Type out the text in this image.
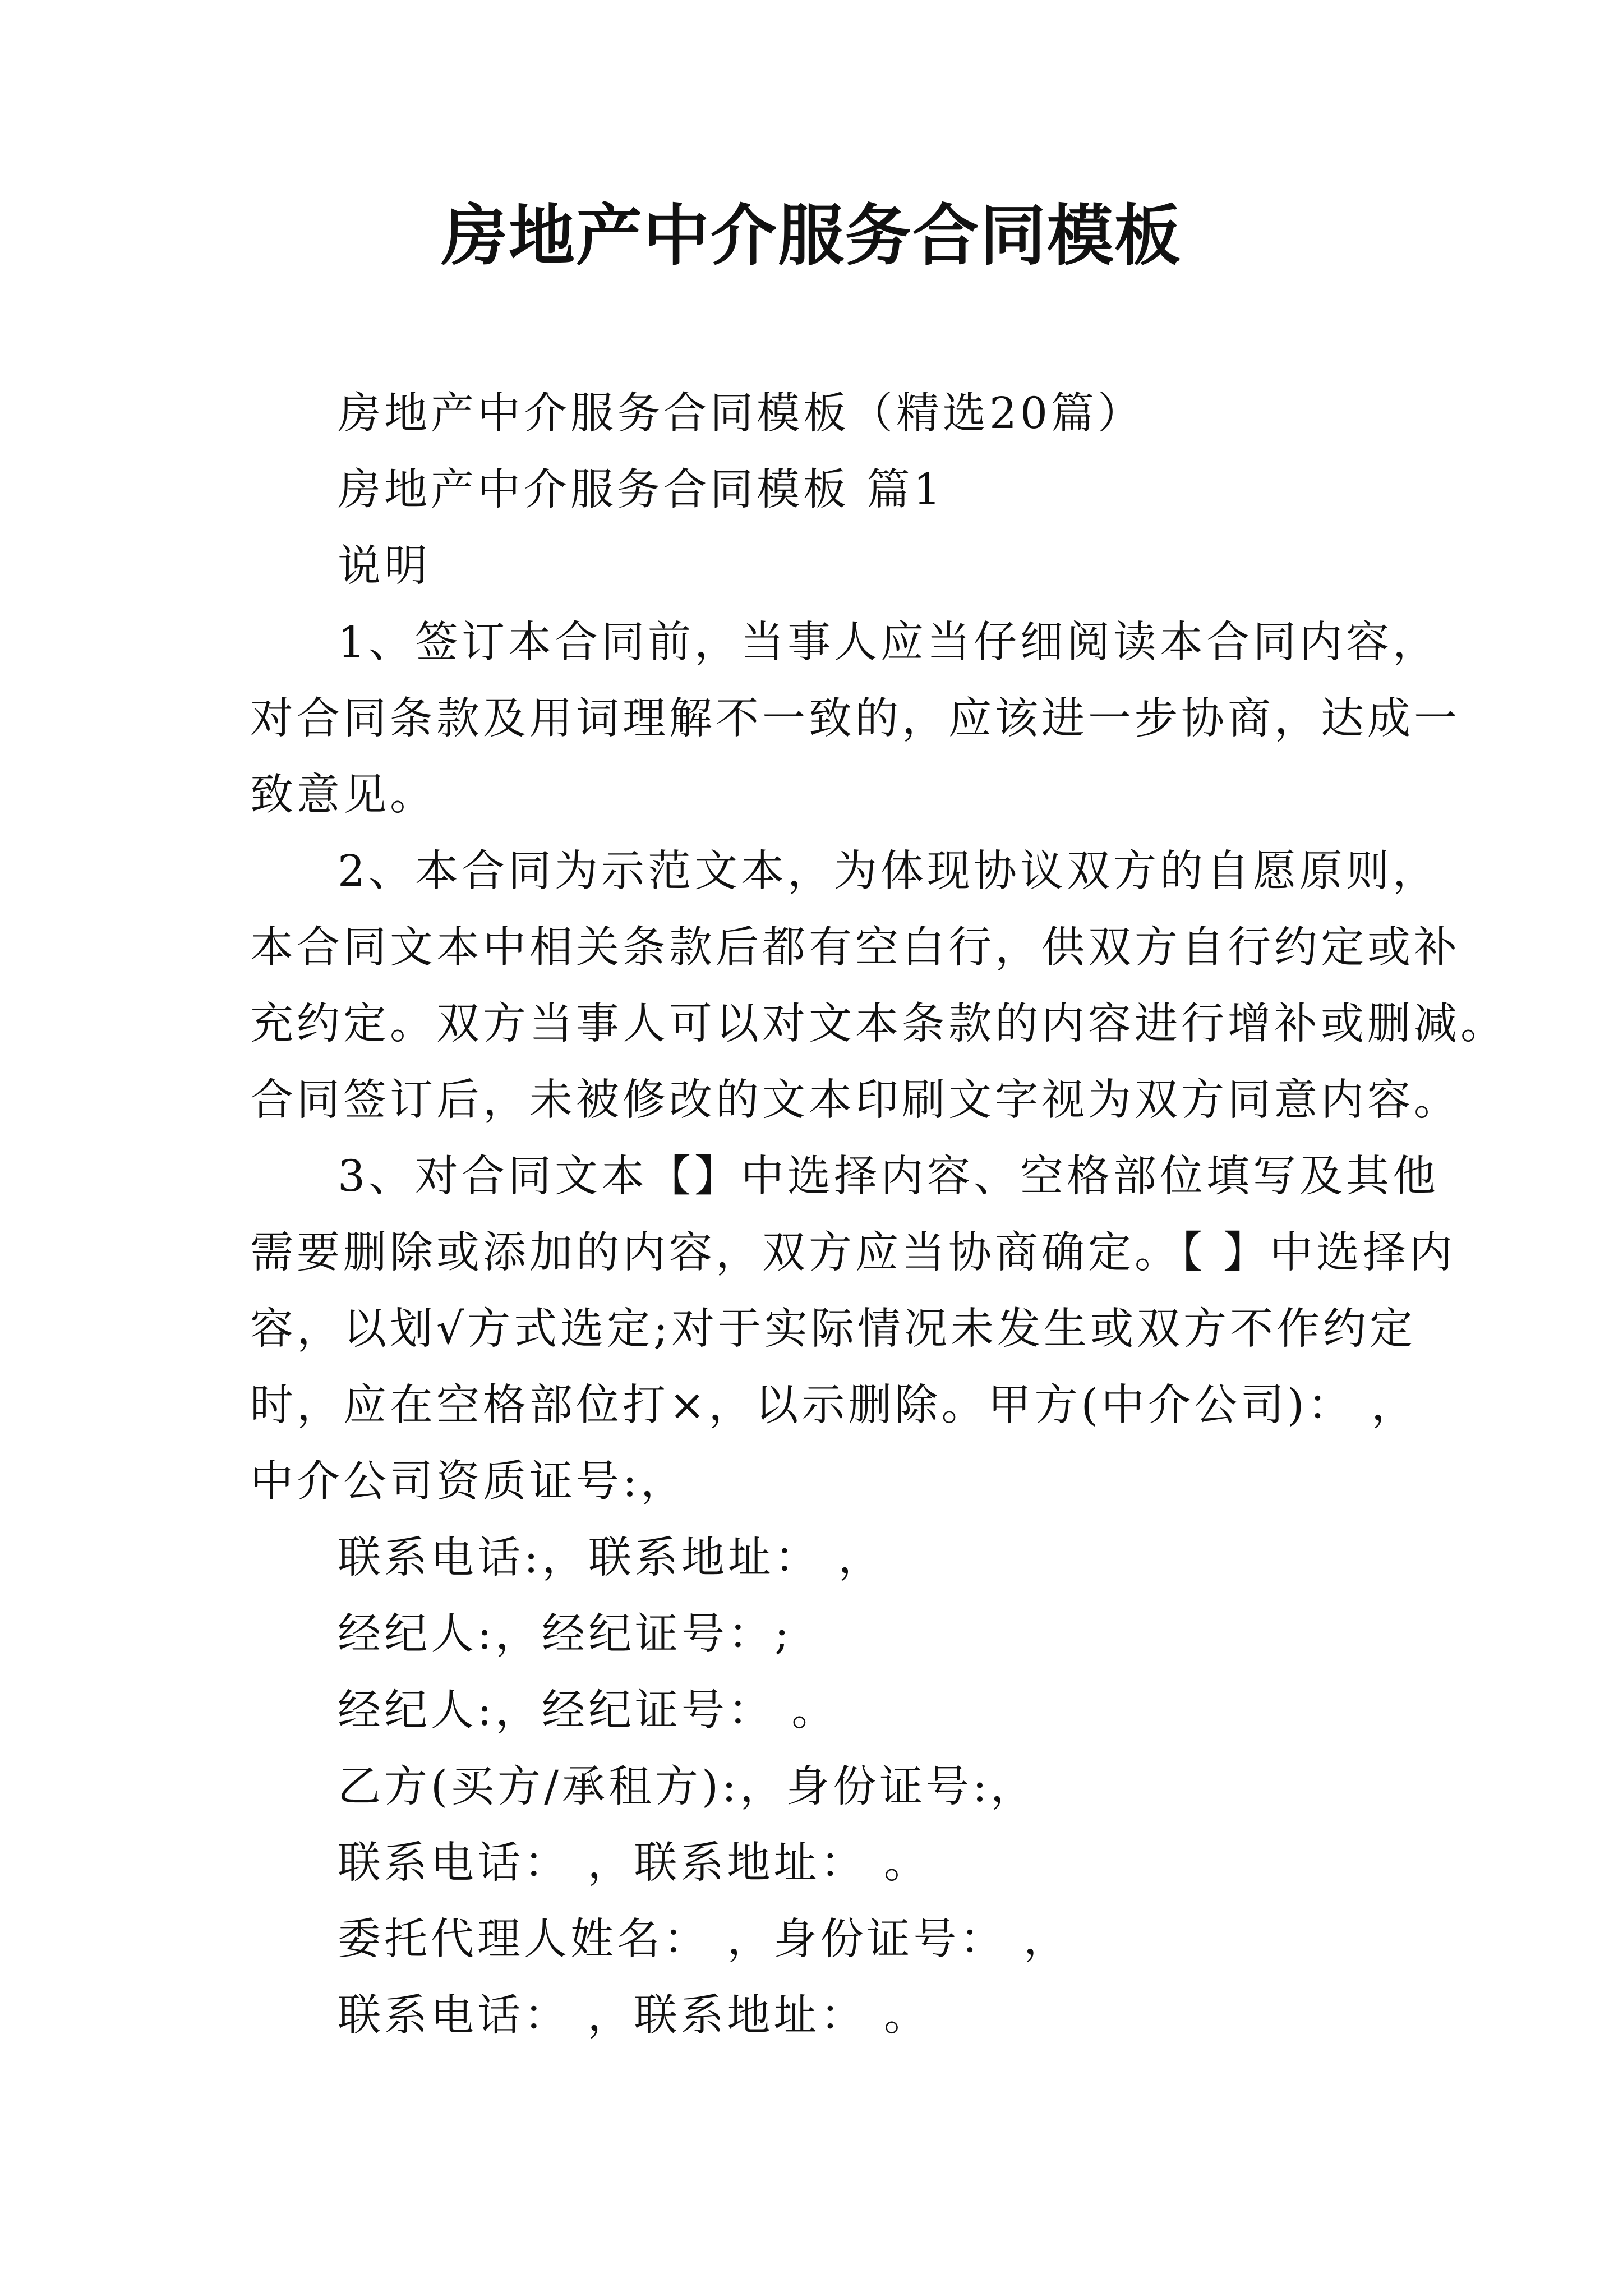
房地产中介服务合同模板

房地产中介服务合同模板（精选20篇）

房地产中介服务合同模板 篇1

说明

1、签订本合同前，当事人应当仔细阅读本合同内容，

对合同条款及用词理解不一致的，应该进一步协商，达成一

致意见。

2、本合同为示范文本，为体现协议双方的自愿原则，

本合同文本中相关条款后都有空白行，供双方自行约定或补

充约定。双方当事人可以对文本条款的内容进行增补或删减。

合同签订后，未被修改的文本印刷文字视为双方同意内容。

3、对合同文本【】中选择内容、空格部位填写及其他

需要删除或添加的内容，双方应当协商确定。【 】中选择内

容，以划√方式选定;对于实际情况未发生或双方不作约定

时，应在空格部位打×，以示删除。甲方(中介公司)： ，

中介公司资质证号:，

联系电话:，联系地址： ，

经纪人:，经纪证号：;

经纪人:，经纪证号： 。

乙方(买方/承租方):，身份证号:，

联系电话： ，联系地址： 。

委托代理人姓名： ，身份证号： ，

联系电话： ，联系地址： 。
